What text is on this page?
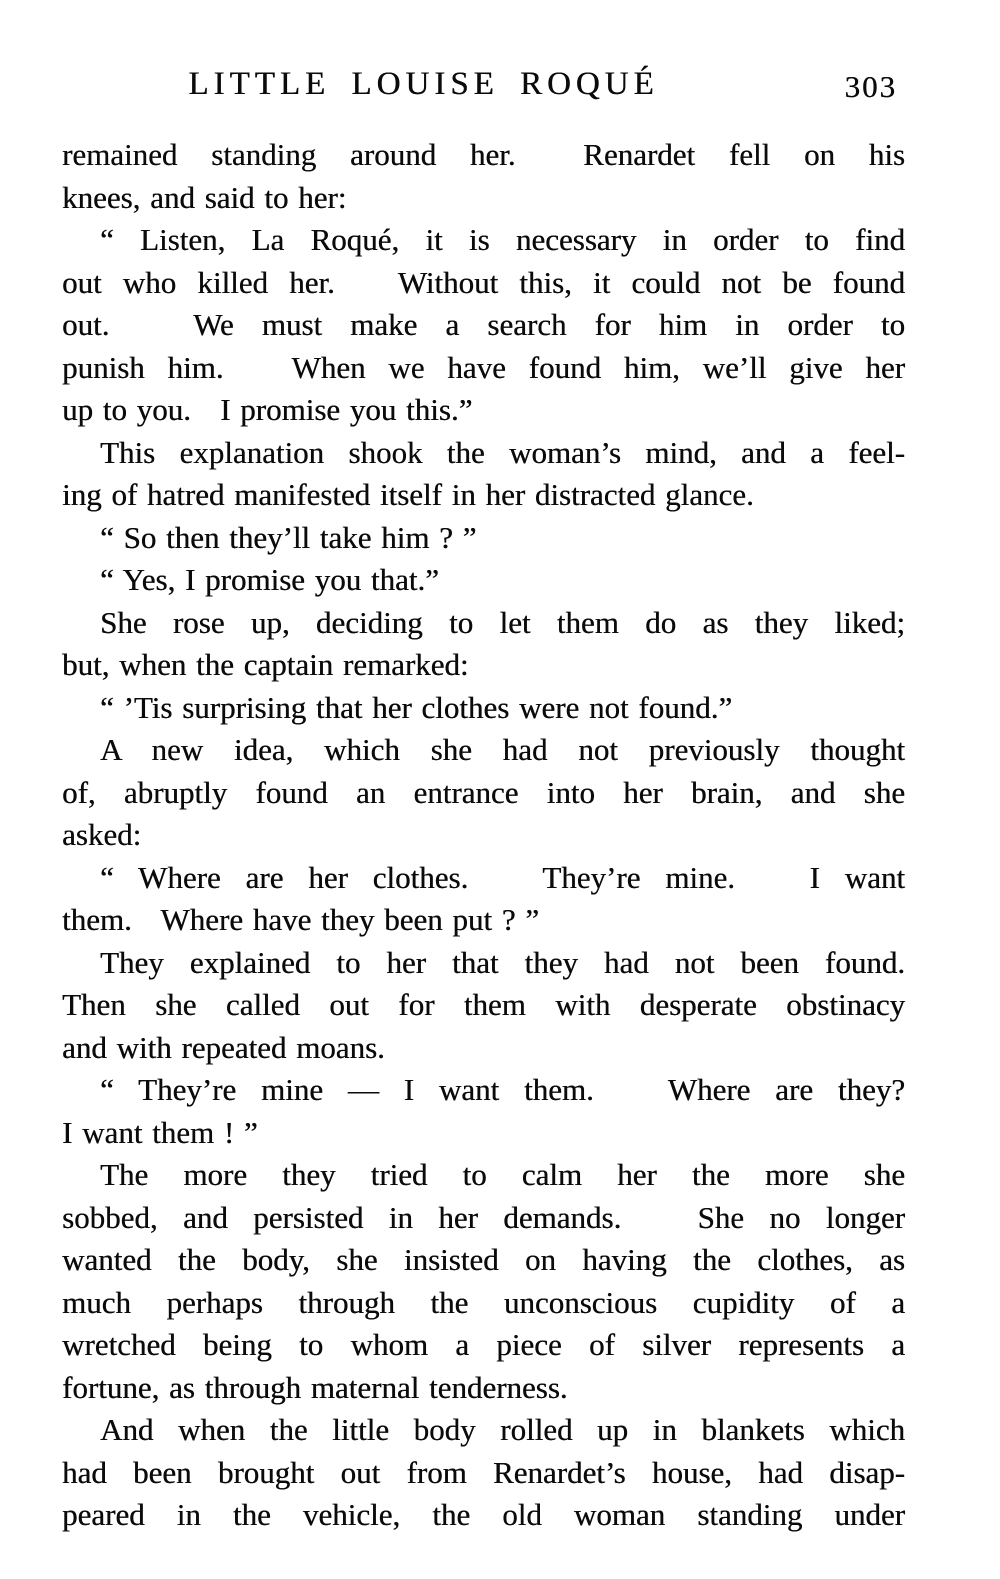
LITTLE LOUISE ROQUÉ	303
remained standing around her.  Renardet fell on his
knees, and said to her:
“ Listen, La Roqué, it is necessary in order to find
out who killed her.   Without this, it could not be found
out.   We must make a search for him in order to
punish him.   When we have found him, we’ll give her
up to you.   I promise you this.”
This explanation shook the woman’s mind, and a feel-
ing of hatred manifested itself in her distracted glance.
“ So then they’ll take him ? ”
“ Yes, I promise you that.”
She rose up, deciding to let them do as they liked;
but, when the captain remarked:
“ ’Tis surprising that her clothes were not found.”
A new idea, which she had not previously thought
of, abruptly found an entrance into her brain, and she
asked:
“ Where are her clothes.   They’re mine.   I want
them.   Where have they been put ? ”
They explained to her that they had not been found.
Then she called out for them with desperate obstinacy
and with repeated moans.
“ They’re mine — I want them.   Where are they?
I want them ! ”
The more they tried to calm her the more she
sobbed, and persisted in her demands.   She no longer
wanted the body, she insisted on having the clothes, as
much perhaps through the unconscious cupidity of a
wretched being to whom a piece of silver represents a
fortune, as through maternal tenderness.
And when the little body rolled up in blankets which
had been brought out from Renardet’s house, had disap-
peared in the vehicle, the old woman standing under
